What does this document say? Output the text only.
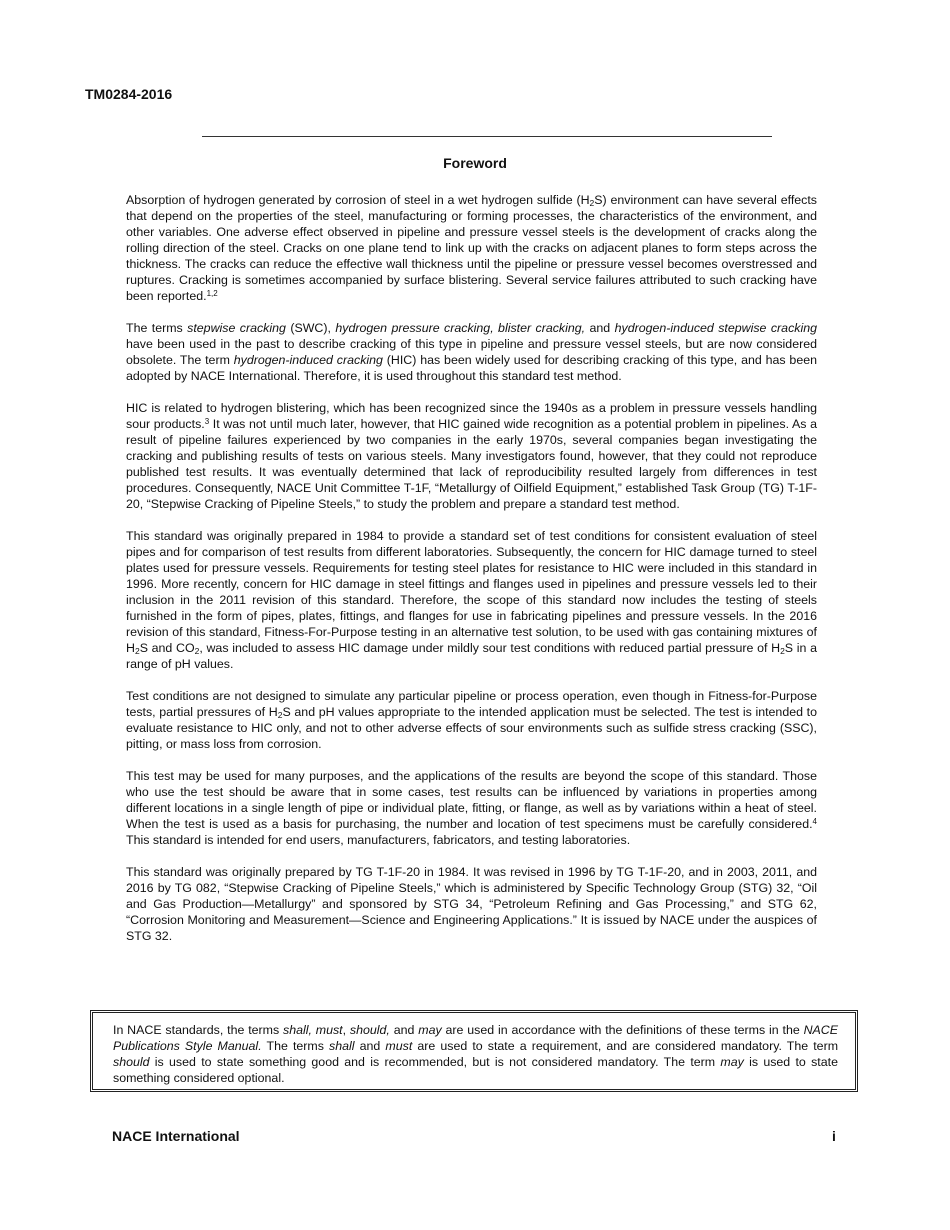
TM0284-2016
Foreword

Absorption of hydrogen generated by corrosion of steel in a wet hydrogen sulfide $(H_2S)$ environment can have several effects that depend on the properties of the steel, manufacturing or forming processes, the characteristics of the environment, and other variables. One adverse effect observed in pipeline and pressure vessel steels is the development of cracks along the rolling direction of the steel. Cracks on one plane tend to link up with the cracks on adjacent planes to form steps across the thickness. The cracks can reduce the effective wall thickness until the pipeline or pressure vessel becomes overstressed and ruptures. Cracking is sometimes accompanied by surface blistering. Several service failures attributed to such cracking have been reported.$^{1,2}$

The terms stepwise cracking (SWC), hydrogen pressure cracking, blister cracking, and hydrogen-induced stepwise cracking have been used in the past to describe cracking of this type in pipeline and pressure vessel steels, but are now considered obsolete. The term hydrogen-induced cracking (HIC) has been widely used for describing cracking of this type, and has been adopted by NACE International. Therefore, it is used throughout this standard test method.

HIC is related to hydrogen blistering, which has been recognized since the 1940s as a problem in pressure vessels handling sour products.$^3$ It was not until much later, however, that HIC gained wide recognition as a potential problem in pipelines. As a result of pipeline failures experienced by two companies in the early 1970s, several companies began investigating the cracking and publishing results of tests on various steels. Many investigators found, however, that they could not reproduce published test results. It was eventually determined that lack of reproducibility resulted largely from differences in test procedures. Consequently, NACE Unit Committee T-1F, “Metallurgy of Oilfield Equipment,” established Task Group (TG) T-1F-20, “Stepwise Cracking of Pipeline Steels,” to study the problem and prepare a standard test method.

This standard was originally prepared in 1984 to provide a standard set of test conditions for consistent evaluation of steel pipes and for comparison of test results from different laboratories. Subsequently, the concern for HIC damage turned to steel plates used for pressure vessels. Requirements for testing steel plates for resistance to HIC were included in this standard in 1996. More recently, concern for HIC damage in steel fittings and flanges used in pipelines and pressure vessels led to their inclusion in the 2011 revision of this standard. Therefore, the scope of this standard now includes the testing of steels furnished in the form of pipes, plates, fittings, and flanges for use in fabricating pipelines and pressure vessels. In the 2016 revision of this standard, Fitness-For-Purpose testing in an alternative test solution, to be used with gas containing mixtures of $H_2S$ and $CO_2$, was included to assess HIC damage under mildly sour test conditions with reduced partial pressure of $H_2S$ in a range of pH values.

Test conditions are not designed to simulate any particular pipeline or process operation, even though in Fitness-for-Purpose tests, partial pressures of $H_2S$ and pH values appropriate to the intended application must be selected. The test is intended to evaluate resistance to HIC only, and not to other adverse effects of sour environments such as sulfide stress cracking (SSC), pitting, or mass loss from corrosion.

This test may be used for many purposes, and the applications of the results are beyond the scope of this standard. Those who use the test should be aware that in some cases, test results can be influenced by variations in properties among different locations in a single length of pipe or individual plate, fitting, or flange, as well as by variations within a heat of steel. When the test is used as a basis for purchasing, the number and location of test specimens must be carefully considered.$^4$ This standard is intended for end users, manufacturers, fabricators, and testing laboratories.

This standard was originally prepared by TG T-1F-20 in 1984. It was revised in 1996 by TG T-1F-20, and in 2003, 2011, and 2016 by TG 082, “Stepwise Cracking of Pipeline Steels,” which is administered by Specific Technology Group (STG) 32, “Oil and Gas Production—Metallurgy” and sponsored by STG 34, “Petroleum Refining and Gas Processing,” and STG 62, “Corrosion Monitoring and Measurement—Science and Engineering Applications.” It is issued by NACE under the auspices of STG 32.

In NACE standards, the terms shall, must, should, and may are used in accordance with the definitions of these terms in the NACE Publications Style Manual. The terms shall and must are used to state a requirement, and are considered mandatory. The term should is used to state something good and is recommended, but is not considered mandatory. The term may is used to state something considered optional.
NACE International	i
